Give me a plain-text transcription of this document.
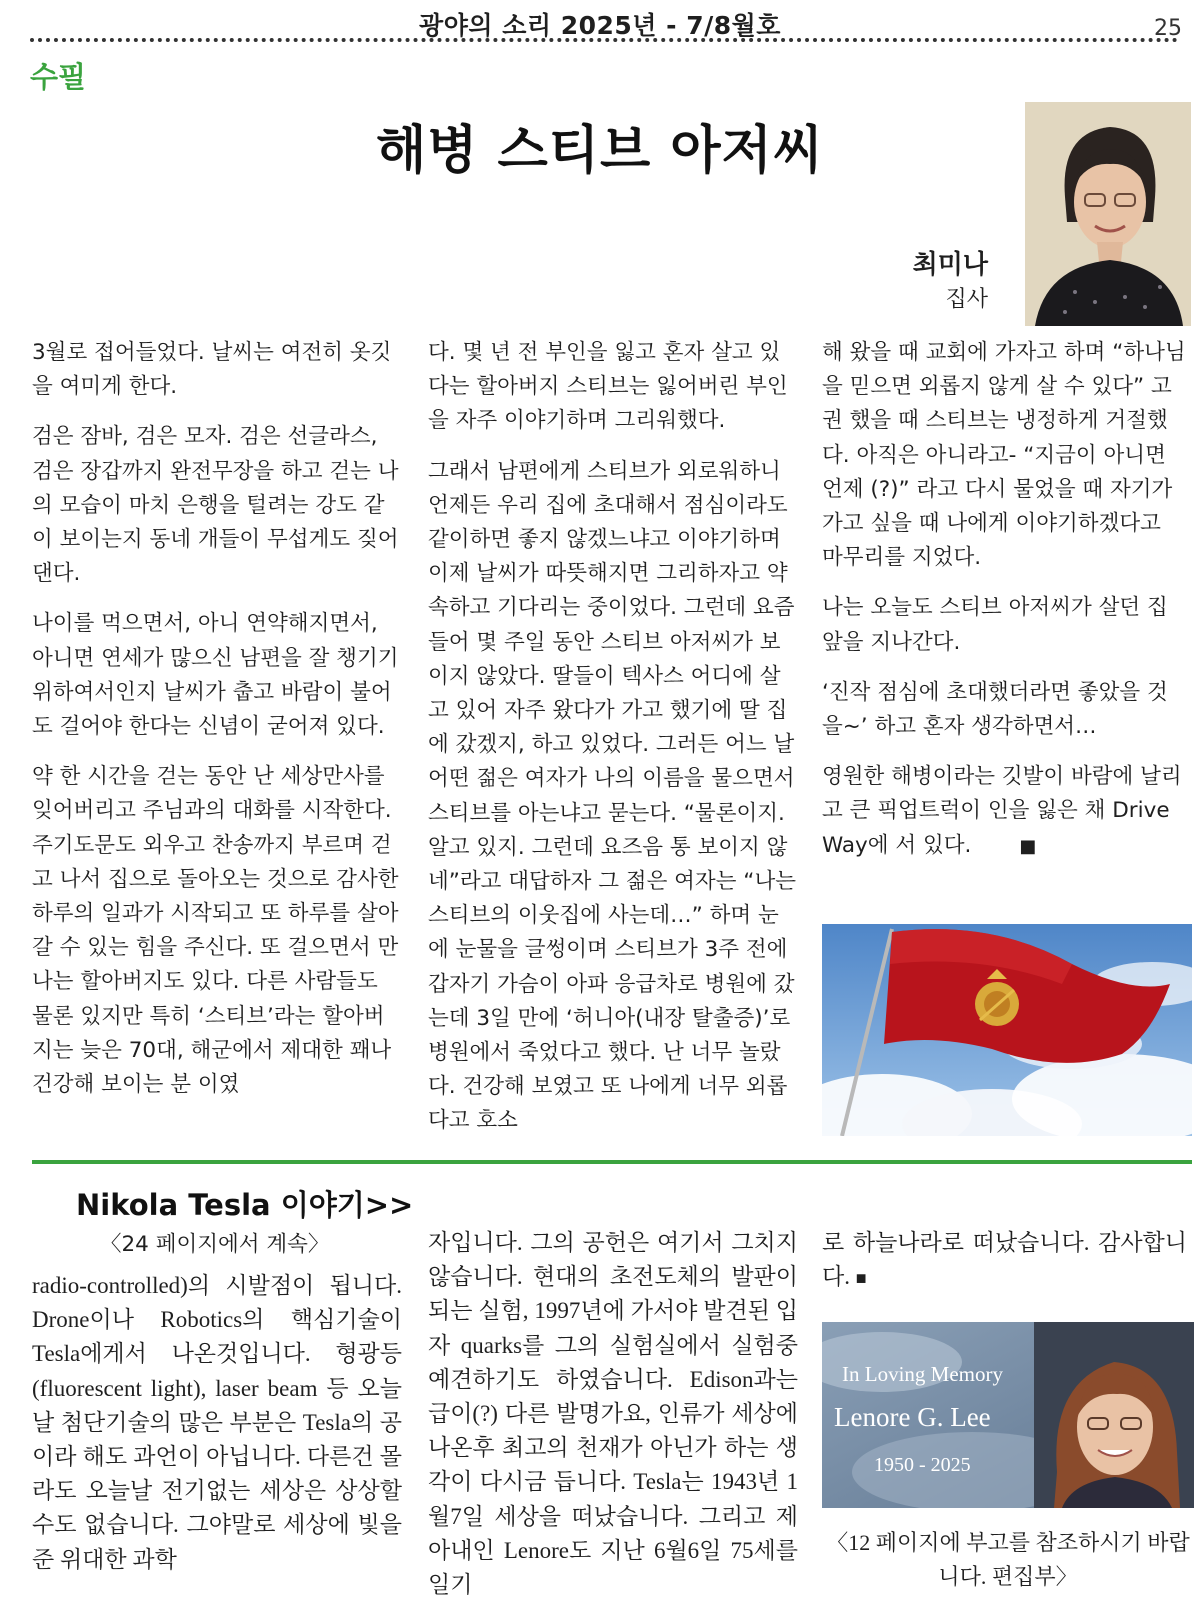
광야의 소리 2025년 - 7/8월호	25
수필
해병 스티브 아저씨
최미나
집사

3월로 접어들었다. 날씨는 여전히 옷깃을 여미게 한다.

검은 잠바, 검은 모자. 검은 선글라스, 검은 장갑까지 완전무장을 하고 걷는 나의 모습이 마치 은행을 털려는 강도 같이 보이는지 동네 개들이 무섭게도 짖어댄다.

나이를 먹으면서, 아니 연약해지면서, 아니면 연세가 많으신 남편을 잘 챙기기 위하여서인지 날씨가 춥고 바람이 불어도 걸어야 한다는 신념이 굳어져 있다.

약 한 시간을 걷는 동안 난 세상만사를 잊어버리고 주님과의 대화를 시작한다. 주기도문도 외우고 찬송까지 부르며 걷고 나서 집으로 돌아오는 것으로 감사한 하루의 일과가 시작되고 또 하루를 살아갈 수 있는 힘을 주신다. 또 걸으면서 만나는 할아버지도 있다. 다른 사람들도 물론 있지만 특히 ‘스티브’라는 할아버지는 늦은 70대, 해군에서 제대한 꽤나 건강해 보이는 분 이였

다. 몇 년 전 부인을 잃고 혼자 살고 있다는 할아버지 스티브는 잃어버린 부인을 자주 이야기하며 그리워했다.

그래서 남편에게 스티브가 외로워하니 언제든 우리 집에 초대해서 점심이라도 같이하면 좋지 않겠느냐고 이야기하며 이제 날씨가 따뜻해지면 그리하자고 약속하고 기다리는 중이었다. 그런데 요즘 들어 몇 주일 동안 스티브 아저씨가 보이지 않았다. 딸들이 텍사스 어디에 살고 있어 자주 왔다가 가고 했기에 딸 집에 갔겠지, 하고 있었다. 그러든 어느 날 어떤 젊은 여자가 나의 이름을 물으면서 스티브를 아는냐고 묻는다. “물론이지. 알고 있지. 그런데 요즈음 통 보이지 않네”라고 대답하자 그 젊은 여자는 “나는 스티브의 이웃집에 사는데…” 하며 눈에 눈물을 글썽이며 스티브가 3주 전에 갑자기 가슴이 아파 응급차로 병원에 갔는데 3일 만에 ‘허니아(내장 탈출증)’로 병원에서 죽었다고 했다. 난 너무 놀랐다. 건강해 보였고 또 나에게 너무 외롭다고 호소

해 왔을 때 교회에 가자고 하며 “하나님을 믿으면 외롭지 않게 살 수 있다” 고 권 했을 때 스티브는 냉정하게 거절했다. 아직은 아니라고- “지금이 아니면 언제 (?)” 라고 다시 물었을 때 자기가 가고 싶을 때 나에게 이야기하겠다고 마무리를 지었다.

나는 오늘도 스티브 아저씨가 살던 집 앞을 지나간다.

‘진작 점심에 초대했더라면 좋았을 것을~’ 하고 혼자 생각하면서…

영원한 해병이라는 깃발이 바람에 날리고 큰 픽업트럭이 인을 잃은 채 Drive Way에 서 있다.	■

Nikola Tesla 이야기>>
〈24 페이지에서 계속〉
radio-controlled)의 시발점이 됩니다. Drone이나 Robotics의 핵심기술이 Tesla에게서 나온것입니다. 형광등(fluorescent light), laser beam 등 오늘날 첨단기술의 많은 부분은 Tesla의 공이라 해도 과언이 아닙니다. 다른건 몰라도 오늘날 전기없는 세상은 상상할수도 없습니다. 그야말로 세상에 빛을 준 위대한 과학
자입니다. 그의 공헌은 여기서 그치지 않습니다. 현대의 초전도체의 발판이되는 실험, 1997년에 가서야 발견된 입자 quarks를 그의 실험실에서 실험중 예견하기도 하였습니다. Edison과는 급이(?) 다른 발명가요, 인류가 세상에 나온후 최고의 천재가 아닌가 하는 생각이 다시금 듭니다. Tesla는 1943년 1월7일 세상을 떠났습니다. 그리고 제 아내인 Lenore도 지난 6월6일 75세를 일기
로 하늘나라로 떠났습니다. 감사합니다. ■
In Loving Memory
Lenore G. Lee
1950 - 2025
〈12 페이지에 부고를 참조하시기 바랍니다. 편집부〉
